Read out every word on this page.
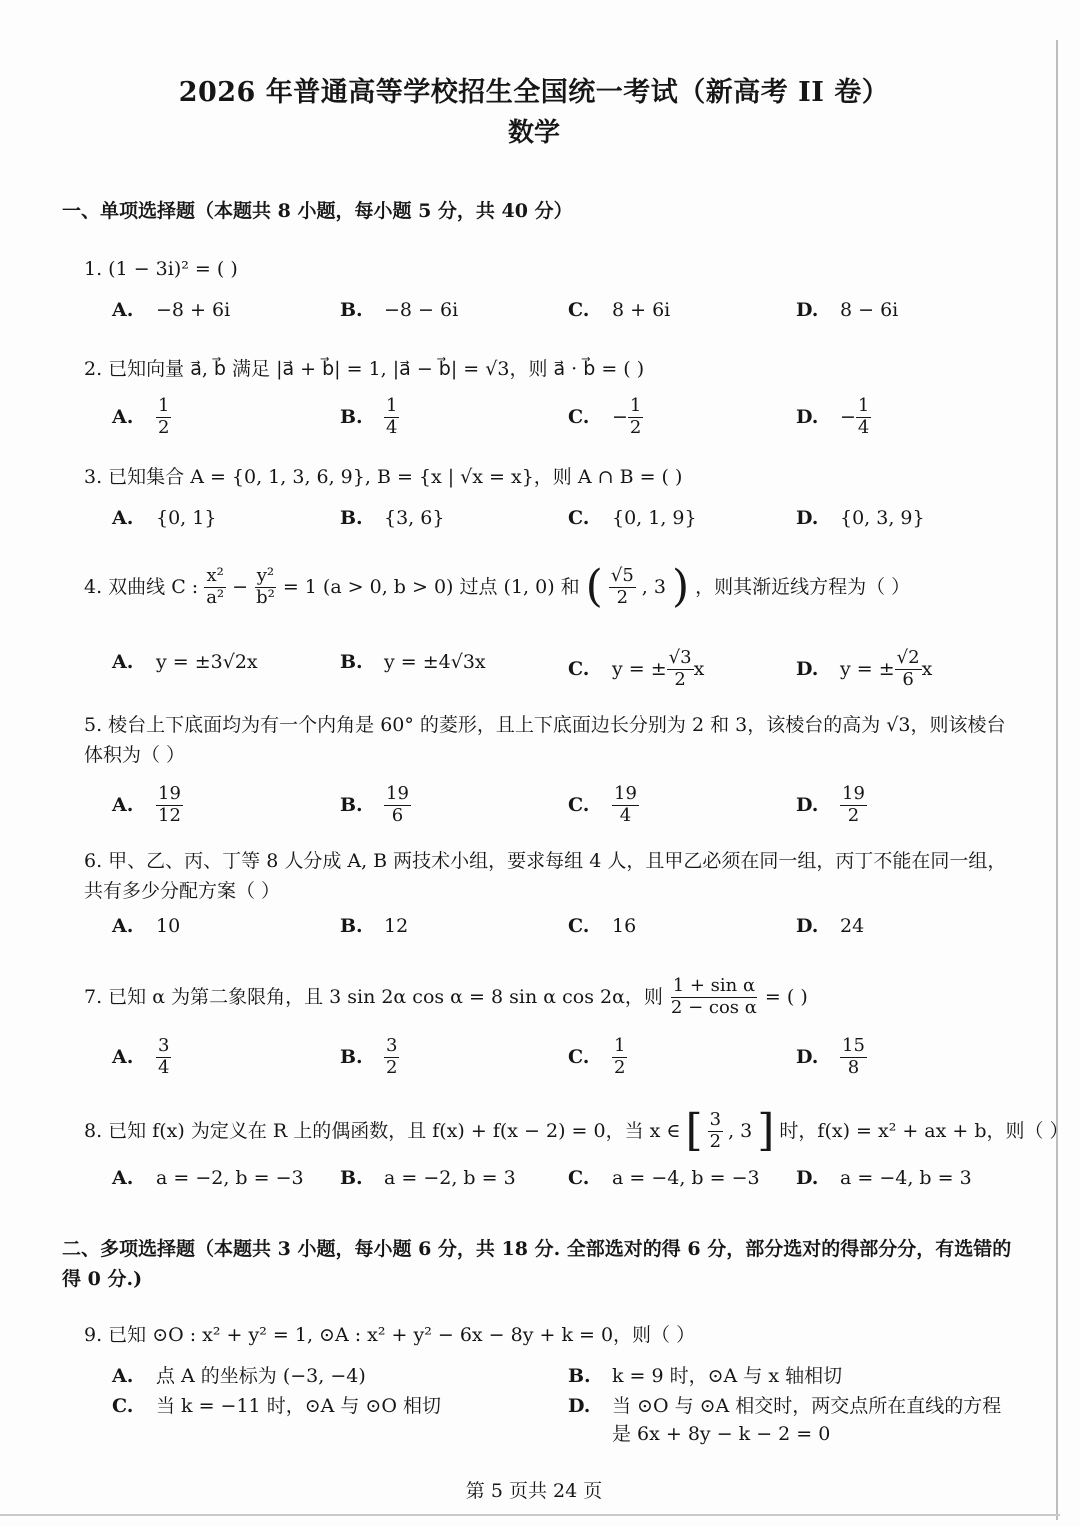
2026 年普通高等学校招生全国统一考试（新高考 II 卷）
数学
一、单项选择题（本题共 8 小题，每小题 5 分，共 40 分）
1. (1 − 3i)² = ( )
A.	−8 + 6i	B.	−8 − 6i	C.	8 + 6i	D.	8 − 6i
2. 已知向量 a⃗, b⃗ 满足 |a⃗ + b⃗| = 1, |a⃗ − b⃗| = √3，则 a⃗ · b⃗ = ( )
A.	$\frac{1}{2}$	B.	$\frac{1}{4}$	C.	− $\frac{1}{2}$	D.	− $\frac{1}{4}$
3. 已知集合 A = {0, 1, 3, 6, 9}, B = {x | √x = x}，则 A ∩ B = ( )
A.	{0, 1}	B.	{3, 6}	C.	{0, 1, 9}	D.	{0, 3, 9}
4. 双曲线 C : $\frac{\text{x²}}{\text{a²}} - \frac{\text{y²}}{\text{b²}} = 1$ (a > 0, b > 0) 过点 (1, 0) 和 ( $\frac{√5}{2}$ , 3 ) ，则其渐近线方程为（ ）
A.	y = ±3√2x	B.	y = ±4√3x	C.	y = ± $\frac{√3}{2}$ x	D.	y = ± $\frac{√2}{6}$ x
5. 棱台上下底面均为有一个内角是 60° 的菱形，且上下底面边长分别为 2 和 3，该棱台的高为 √3，则该棱台体积为（ ）
A.	$\frac{19}{12}$	B.	$\frac{19}{6}$	C.	$\frac{19}{4}$	D.	$\frac{19}{2}$
6. 甲、乙、丙、丁等 8 人分成 A, B 两技术小组，要求每组 4 人，且甲乙必须在同一组，丙丁不能在同一组，共有多少分配方案（ ）
A.	10	B.	12	C.	16	D.	24
7. 已知 α 为第二象限角，且 3 sin 2α cos α = 8 sin α cos 2α，则 $\frac{\text{1 + sin α}}{\text{2 − cos α}}$ = ( )
A.	$\frac{3}{4}$	B.	$\frac{3}{2}$	C.	$\frac{1}{2}$	D.	$\frac{15}{8}$
8. 已知 f(x) 为定义在 R 上的偶函数，且 f(x) + f(x − 2) = 0，当 x ∈ [ $\frac{3}{2}$ , 3 ] 时，f(x) = x² + ax + b，则（ ）
A.	a = −2, b = −3 B.	a = −2, b = 3	C.	a = −4, b = −3 D.	a = −4, b = 3
二、多项选择题（本题共 3 小题，每小题 6 分，共 18 分. 全部选对的得 6 分，部分选对的得部分分，有选错的得 0 分.)
9. 已知 ⊙O : x² + y² = 1, ⊙A : x² + y² − 6x − 8y + k = 0，则（ ）
A.	点 A 的坐标为 (−3, −4)	B.	k = 9 时，⊙A 与 x 轴相切
C.	当 k = −11 时，⊙A 与 ⊙O 相切	D.	当 ⊙O 与 ⊙A 相交时，两交点所在直线的方程是 6x + 8y − k − 2 = 0
第 5 页共 24 页
